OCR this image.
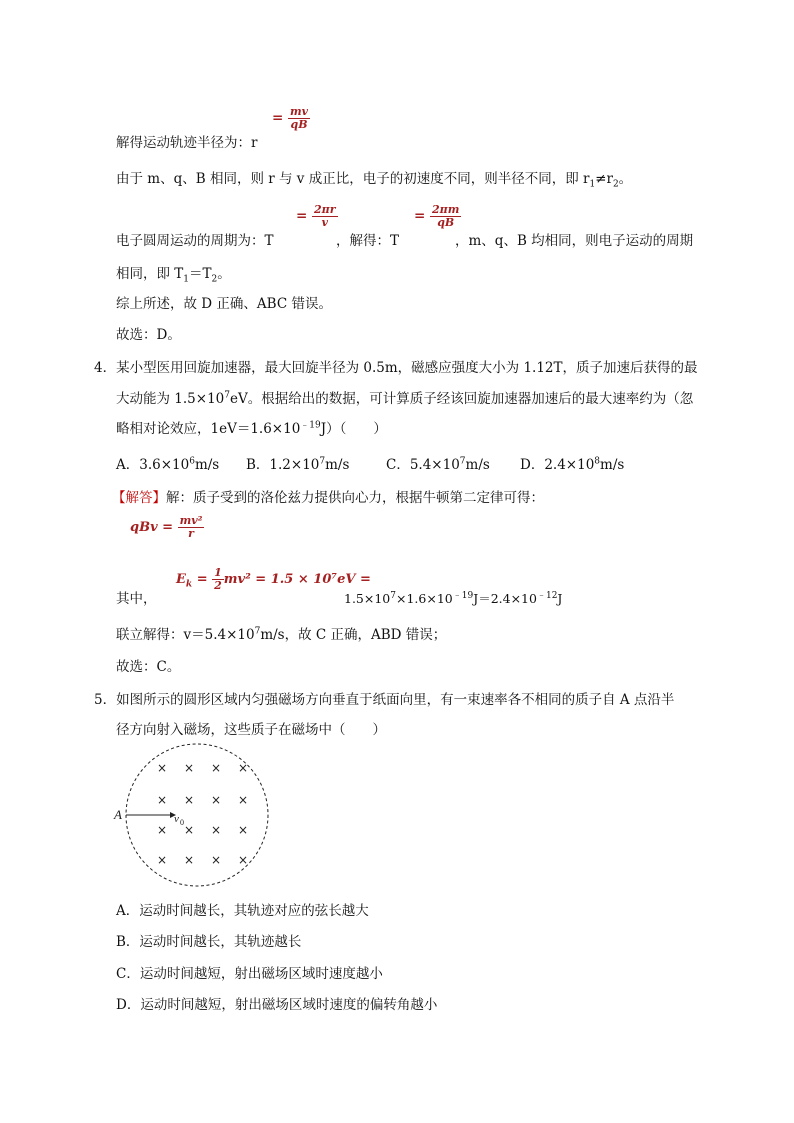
解得运动轨迹半径为：r
= $\frac{mv}{qB}$
由于 m、q、B 相同，则 r 与 v 成正比，电子的初速度不同，则半径不同，即 $r_1\ne r_2$。
电子圆周运动的周期为：T
= $\frac{2\pi r}{v}$
，解得：T
= $\frac{2\pi m}{qB}$
，m、q、B 均相同，则电子运动的周期
相同，即 $T_1=T_2$。
综上所述，故 D 正确、ABC 错误。
故选：D。
4．某小型医用回旋加速器，最大回旋半径为 0.5m，磁感应强度大小为 1.12T，质子加速后获得的最
大动能为 $1.5\times 10^7eV$。根据给出的数据，可计算质子经该回旋加速器加速后的最大速率约为（忽
略相对论效应，$1eV=1.6\times 10^{﹣19}J$）（　　）
A．$3.6\times 10^6m/s$ B．$1.2\times 10^7m/s$	C．$5.4\times 10^7m/s$ D．$2.4\times 10^8m/s$
【解答】解：质子受到的洛伦兹力提供向心力，根据牛顿第二定律可得：
qBv = $\frac{\text{mv²}}{r}$
其中，
$E_k = \frac{1}{2} mv^2 = 1.5 \times 10^7eV$ =
$1.5\times 10^7\times 1.6\times 10^{﹣19}J=2.4\times 10^{﹣12}J$
联立解得：$v=5.4\times 10^7m/s$，故 C 正确，ABD 错误；
故选：C。
5．如图所示的圆形区域内匀强磁场方向垂直于纸面向里，有一束速率各不相同的质子自 A 点沿半
径方向射入磁场，这些质子在磁场中（　　）
A	v 0
× × × ×
× × × ×
× × × ×
× × × ×
A．运动时间越长，其轨迹对应的弦长越大
B．运动时间越长，其轨迹越长
C．运动时间越短，射出磁场区域时速度越小
D．运动时间越短，射出磁场区域时速度的偏转角越小
